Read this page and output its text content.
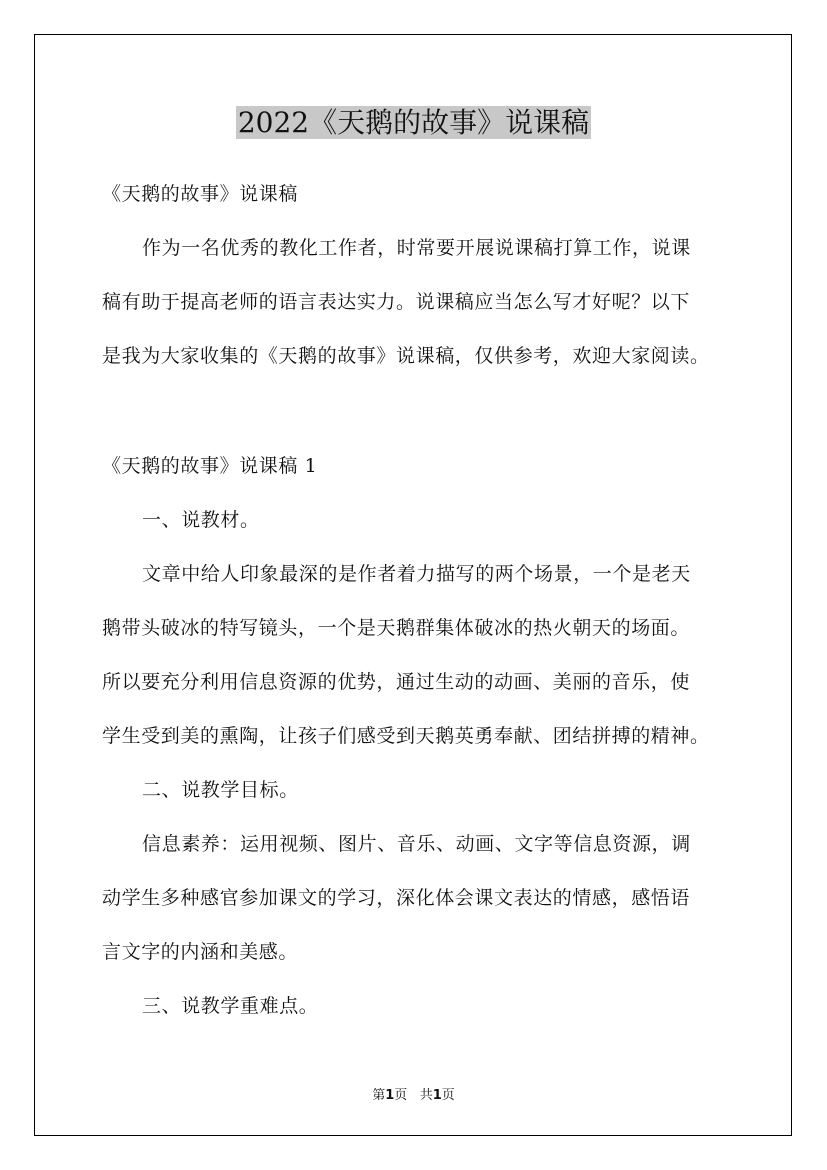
2022《天鹅的故事》说课稿

《天鹅的故事》说课稿

作为一名优秀的教化工作者，时常要开展说课稿打算工作，说课

稿有助于提高老师的语言表达实力。说课稿应当怎么写才好呢？以下

是我为大家收集的《天鹅的故事》说课稿，仅供参考，欢迎大家阅读。

《天鹅的故事》说课稿 1

一、说教材。

文章中给人印象最深的是作者着力描写的两个场景，一个是老天

鹅带头破冰的特写镜头，一个是天鹅群集体破冰的热火朝天的场面。

所以要充分利用信息资源的优势，通过生动的动画、美丽的音乐，使

学生受到美的熏陶，让孩子们感受到天鹅英勇奉献、团结拼搏的精神。

二、说教学目标。

信息素养：运用视频、图片、音乐、动画、文字等信息资源，调

动学生多种感官参加课文的学习，深化体会课文表达的情感，感悟语

言文字的内涵和美感。

三、说教学重难点。

第1页 共1页
